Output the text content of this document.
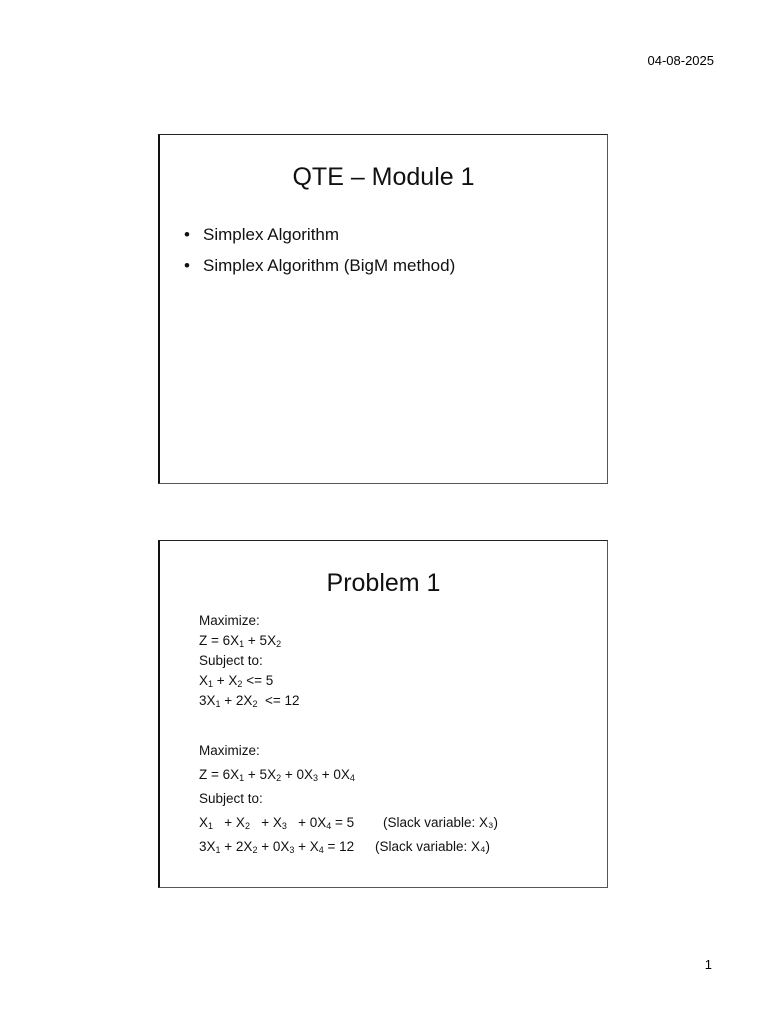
04-08-2025
QTE – Module 1
• Simplex Algorithm
• Simplex Algorithm (BigM method)
Problem 1
Maximize:
$Z = 6X_1 + 5X_2$
Subject to:
$X_1 + X_2 <= 5$
$3X_1 + 2X_2 <= 12$
Maximize:
$Z = 6X_1 + 5X_2 + 0X_3 + 0X_4$
Subject to:
$X_1 + X_2 + X_3 + 0X_4 = 5$ (Slack variable: X₃)
$3X_1 + 2X_2 + 0X_3 + X_4 = 12$ (Slack variable: X₄)
1
